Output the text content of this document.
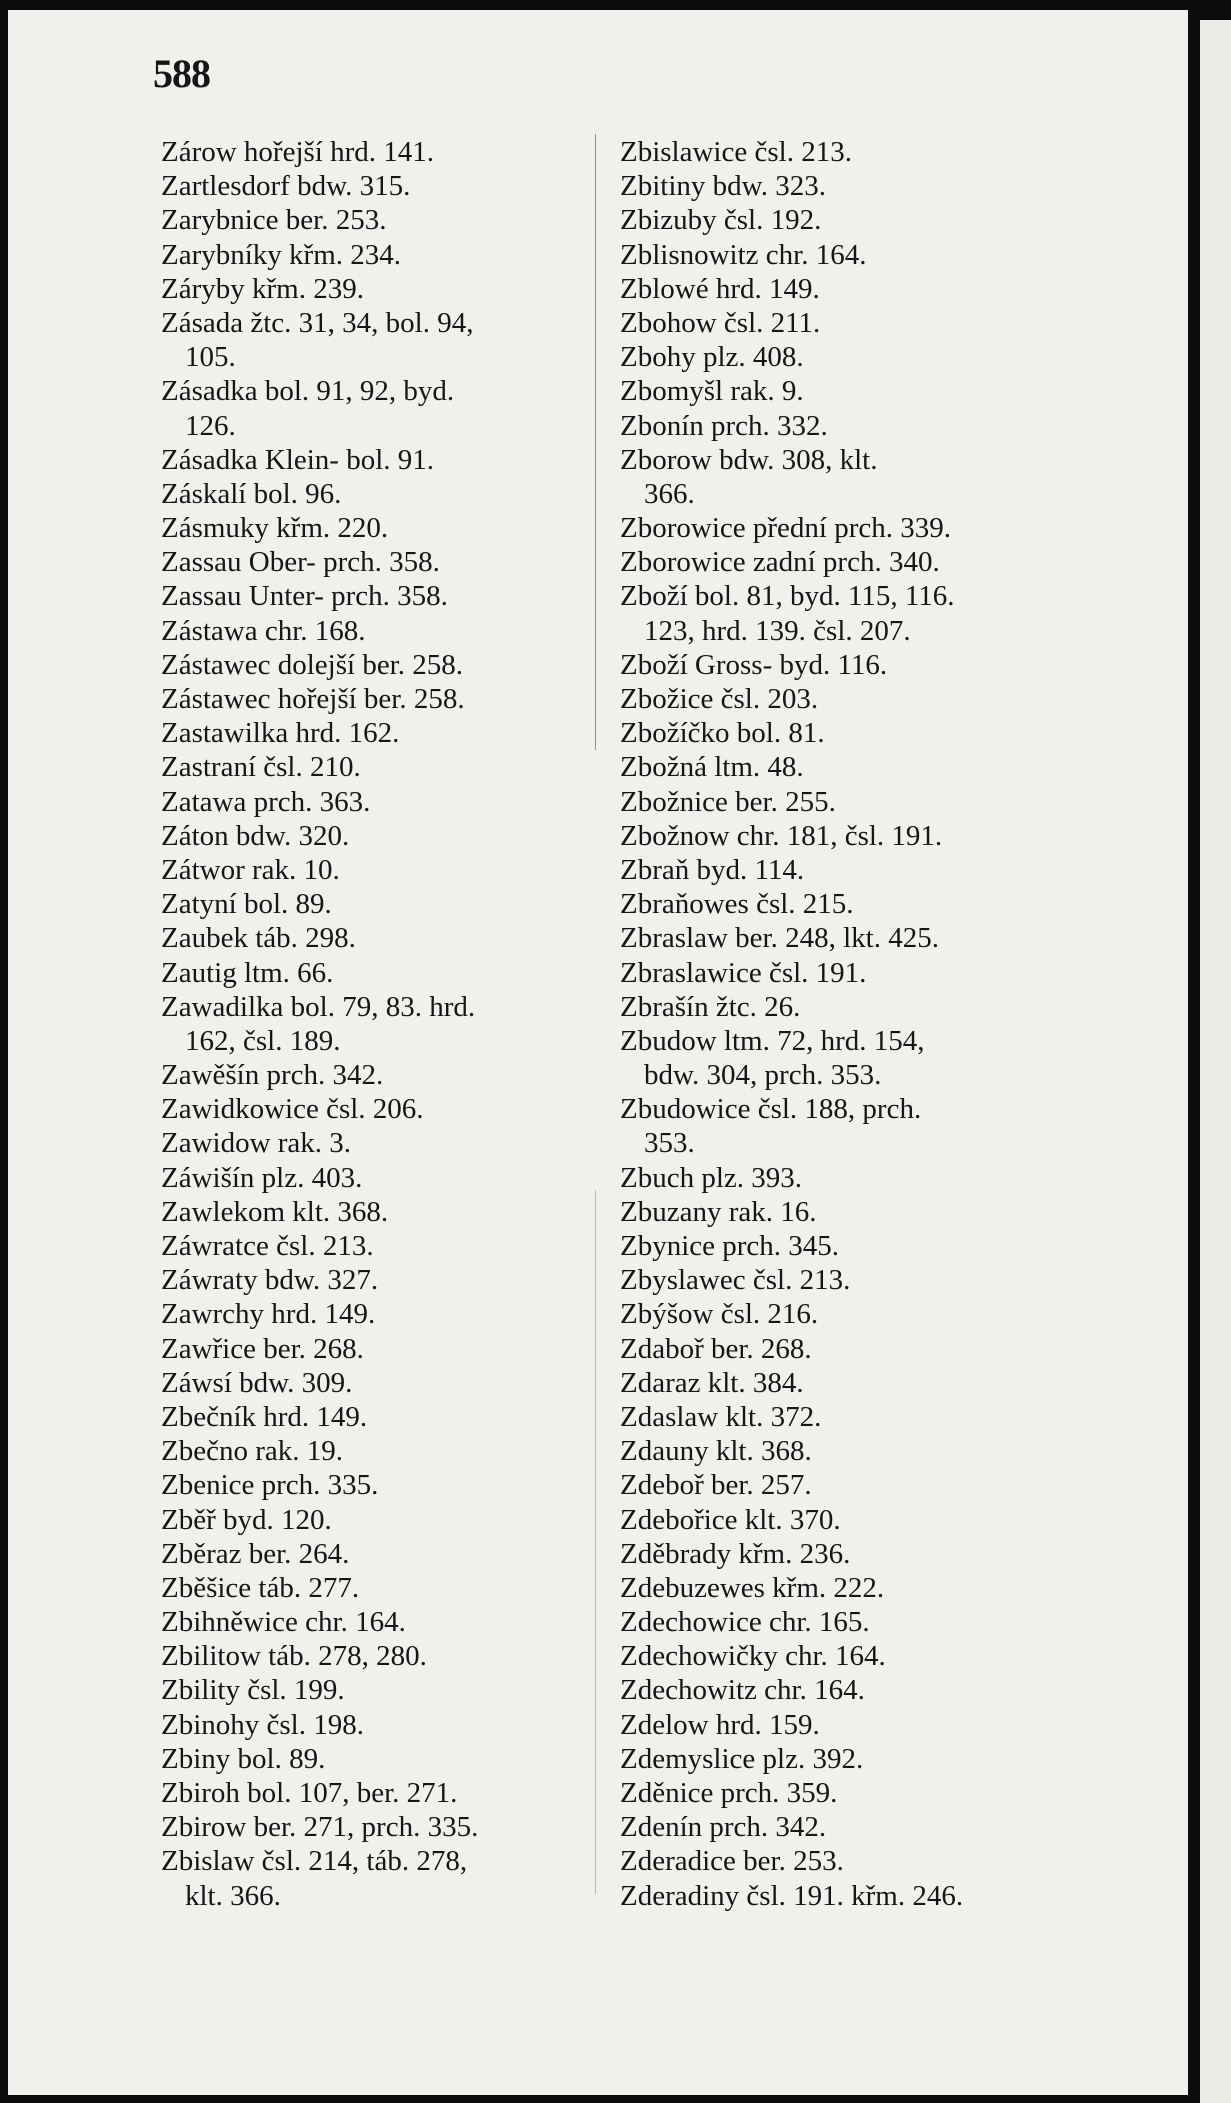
588
Zárow hořejší hrd. 141.
Zartlesdorf bdw. 315.
Zarybnice ber. 253.
Zarybníky křm. 234.
Záryby křm. 239.
Zásada žtc. 31, 34, bol. 94,
105.
Zásadka bol. 91, 92, byd.
126.
Zásadka Klein- bol. 91.
Záskalí bol. 96.
Zásmuky křm. 220.
Zassau Ober- prch. 358.
Zassau Unter- prch. 358.
Zástawa chr. 168.
Zástawec dolejší ber. 258.
Zástawec hořejší ber. 258.
Zastawilka hrd. 162.
Zastraní čsl. 210.
Zatawa prch. 363.
Záton bdw. 320.
Zátwor rak. 10.
Zatyní bol. 89.
Zaubek táb. 298.
Zautig ltm. 66.
Zawadilka bol. 79, 83. hrd.
162, čsl. 189.
Zawěšín prch. 342.
Zawidkowice čsl. 206.
Zawidow rak. 3.
Záwišín plz. 403.
Zawlekom klt. 368.
Záwratce čsl. 213.
Záwraty bdw. 327.
Zawrchy hrd. 149.
Zawřice ber. 268.
Záwsí bdw. 309.
Zbečník hrd. 149.
Zbečno rak. 19.
Zbenice prch. 335.
Zběř byd. 120.
Zběraz ber. 264.
Zběšice táb. 277.
Zbihněwice chr. 164.
Zbilitow táb. 278, 280.
Zbility čsl. 199.
Zbinohy čsl. 198.
Zbiny bol. 89.
Zbiroh bol. 107, ber. 271.
Zbirow ber. 271, prch. 335.
Zbislaw čsl. 214, táb. 278,
klt. 366.
Zbislawice čsl. 213.
Zbitiny bdw. 323.
Zbizuby čsl. 192.
Zblisnowitz chr. 164.
Zblowé hrd. 149.
Zbohow čsl. 211.
Zbohy plz. 408.
Zbomyšl rak. 9.
Zbonín prch. 332.
Zborow bdw. 308, klt.
366.
Zborowice přední prch. 339.
Zborowice zadní prch. 340.
Zboží bol. 81, byd. 115, 116.
123, hrd. 139. čsl. 207.
Zboží Gross- byd. 116.
Zbožice čsl. 203.
Zbožíčko bol. 81.
Zbožná ltm. 48.
Zbožnice ber. 255.
Zbožnow chr. 181, čsl. 191.
Zbraň byd. 114.
Zbraňowes čsl. 215.
Zbraslaw ber. 248, lkt. 425.
Zbraslawice čsl. 191.
Zbrašín žtc. 26.
Zbudow ltm. 72, hrd. 154,
bdw. 304, prch. 353.
Zbudowice čsl. 188, prch.
353.
Zbuch plz. 393.
Zbuzany rak. 16.
Zbynice prch. 345.
Zbyslawec čsl. 213.
Zbýšow čsl. 216.
Zdaboř ber. 268.
Zdaraz klt. 384.
Zdaslaw klt. 372.
Zdauny klt. 368.
Zdeboř ber. 257.
Zdebořice klt. 370.
Zděbrady křm. 236.
Zdebuzewes křm. 222.
Zdechowice chr. 165.
Zdechowičky chr. 164.
Zdechowitz chr. 164.
Zdelow hrd. 159.
Zdemyslice plz. 392.
Zděnice prch. 359.
Zdenín prch. 342.
Zderadice ber. 253.
Zderadiny čsl. 191. křm. 246.
